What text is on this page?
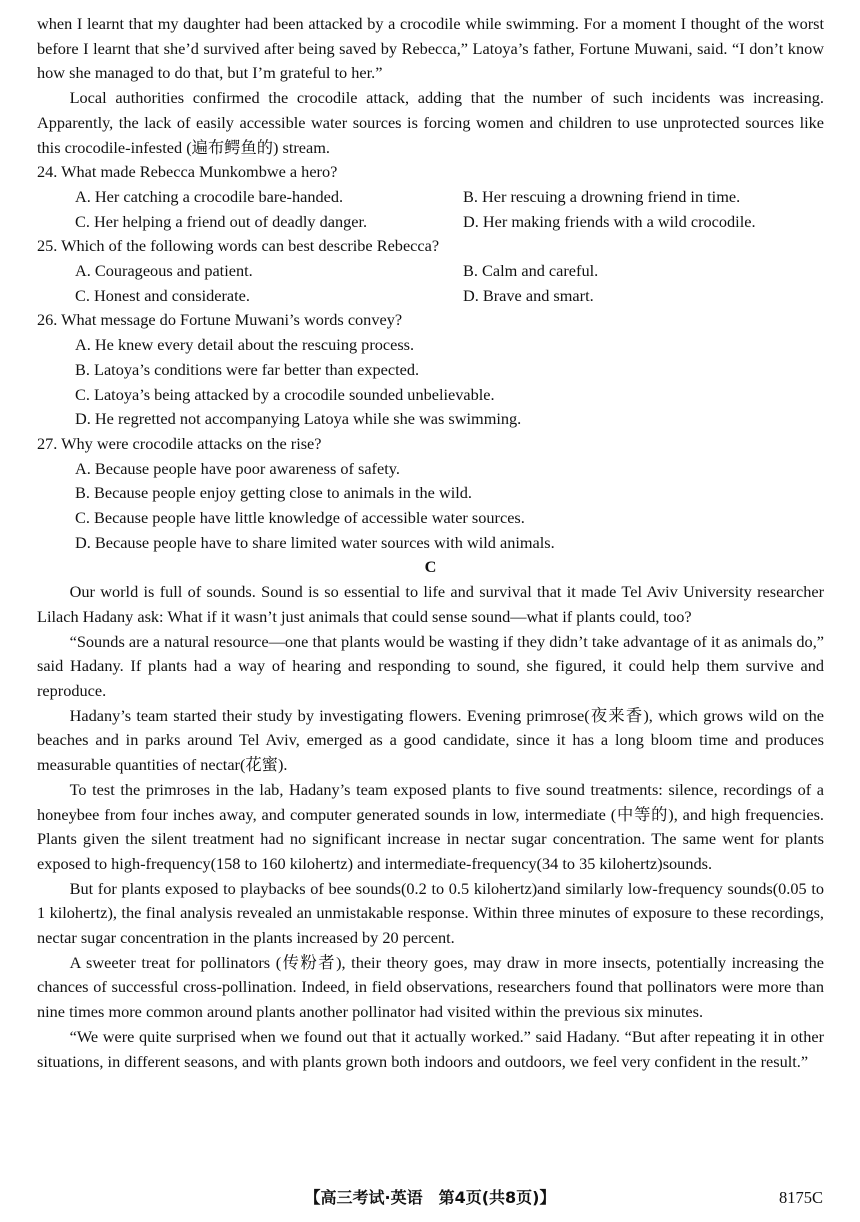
when I learnt that my daughter had been attacked by a crocodile while swimming. For a moment I thought of the worst before I learnt that she’d survived after being saved by Rebecca,” Latoya’s father, Fortune Muwani, said. “I don’t know how she managed to do that, but I’m grateful to her.”

Local authorities confirmed the crocodile attack, adding that the number of such incidents was increasing. Apparently, the lack of easily accessible water sources is forcing women and children to use unprotected sources like this crocodile-infested (遍布鳄鱼的) stream.

24. What made Rebecca Munkombwe a hero?

A. Her catching a crocodile bare-handed.	B. Her rescuing a drowning friend in time.
C. Her helping a friend out of deadly danger.	D. Her making friends with a wild crocodile.

25. Which of the following words can best describe Rebecca?

A. Courageous and patient.	B. Calm and careful.
C. Honest and considerate.	D. Brave and smart.

26. What message do Fortune Muwani’s words convey?

A. He knew every detail about the rescuing process.
B. Latoya’s conditions were far better than expected.
C. Latoya’s being attacked by a crocodile sounded unbelievable.
D. He regretted not accompanying Latoya while she was swimming.

27. Why were crocodile attacks on the rise?

A. Because people have poor awareness of safety.
B. Because people enjoy getting close to animals in the wild.
C. Because people have little knowledge of accessible water sources.
D. Because people have to share limited water sources with wild animals.
C

Our world is full of sounds. Sound is so essential to life and survival that it made Tel Aviv University researcher Lilach Hadany ask: What if it wasn’t just animals that could sense sound—what if plants could, too?

“Sounds are a natural resource—one that plants would be wasting if they didn’t take advantage of it as animals do,” said Hadany. If plants had a way of hearing and responding to sound, she figured, it could help them survive and reproduce.

Hadany’s team started their study by investigating flowers. Evening primrose(夜来香), which grows wild on the beaches and in parks around Tel Aviv, emerged as a good candidate, since it has a long bloom time and produces measurable quantities of nectar(花蜜).

To test the primroses in the lab, Hadany’s team exposed plants to five sound treatments: silence, recordings of a honeybee from four inches away, and computer generated sounds in low, intermediate (中等的), and high frequencies. Plants given the silent treatment had no significant increase in nectar sugar concentration. The same went for plants exposed to high-frequency(158 to 160 kilohertz) and intermediate-frequency(34 to 35 kilohertz)sounds.

But for plants exposed to playbacks of bee sounds(0.2 to 0.5 kilohertz)and similarly low-frequency sounds(0.05 to 1 kilohertz), the final analysis revealed an unmistakable response. Within three minutes of exposure to these recordings, nectar sugar concentration in the plants increased by 20 percent.

A sweeter treat for pollinators (传粉者), their theory goes, may draw in more insects, potentially increasing the chances of successful cross-pollination. Indeed, in field observations, researchers found that pollinators were more than nine times more common around plants another pollinator had visited within the previous six minutes.

“We were quite surprised when we found out that it actually worked.” said Hadany. “But after repeating it in other situations, in different seasons, and with plants grown both indoors and outdoors, we feel very confident in the result.”

【高三考试·英语　第4页(共8页)】	8175C
